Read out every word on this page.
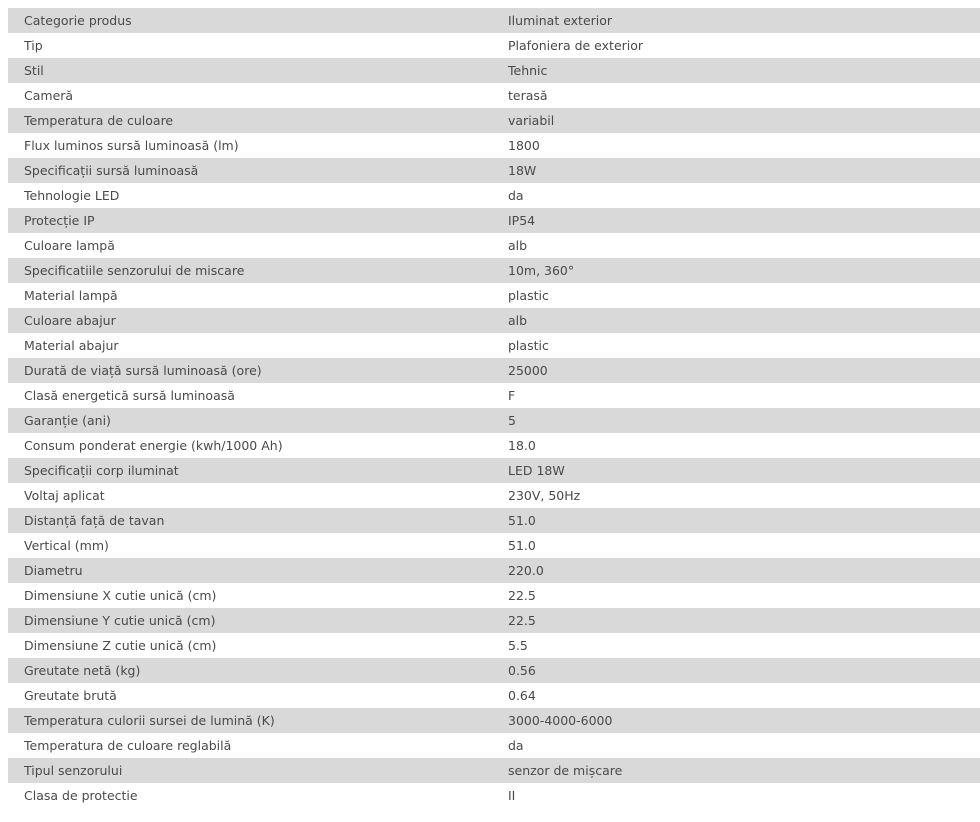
Categorie produs	Iluminat exterior
Tip	Plafoniera de exterior
Stil	Tehnic
Cameră	terasă
Temperatura de culoare	variabil
Flux luminos sursă luminoasă (lm)	1800
Specificații sursă luminoasă	18W
Tehnologie LED	da
Protecție IP	IP54
Culoare lampă	alb
Specificatiile senzorului de miscare	10m, 360°
Material lampă	plastic
Culoare abajur	alb
Material abajur	plastic
Durată de viață sursă luminoasă (ore)	25000
Clasă energetică sursă luminoasă	F
Garanție (ani)	5
Consum ponderat energie (kwh/1000 Ah)	18.0
Specificații corp iluminat	LED 18W
Voltaj aplicat	230V, 50Hz
Distanță față de tavan	51.0
Vertical (mm)	51.0
Diametru	220.0
Dimensiune X cutie unică (cm)	22.5
Dimensiune Y cutie unică (cm)	22.5
Dimensiune Z cutie unică (cm)	5.5
Greutate netă (kg)	0.56
Greutate brută	0.64
Temperatura culorii sursei de lumină (K)	3000-4000-6000
Temperatura de culoare reglabilă	da
Tipul senzorului	senzor de mișcare
Clasa de protectie	II
